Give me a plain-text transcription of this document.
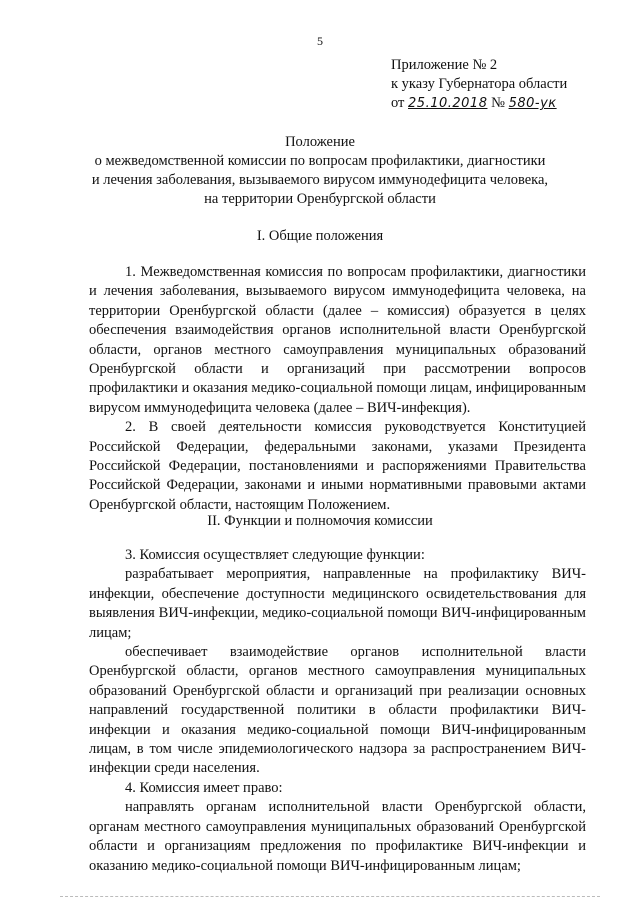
5
Приложение № 2
к указу Губернатора области
от 25.10.2018 № 580-ук
Положение
о межведомственной комиссии по вопросам профилактики, диагностики
и лечения заболевания, вызываемого вирусом иммунодефицита человека,
на территории Оренбургской области
I. Общие положения

1. Межведомственная комиссия по вопросам профилактики, диагностики и лечения заболевания, вызываемого вирусом иммунодефицита человека, на территории Оренбургской области (далее – комиссия) образуется в целях обеспечения взаимодействия органов исполнительной власти Оренбургской области, органов местного самоуправления муниципальных образований Оренбургской области и организаций при рассмотрении вопросов профилактики и оказания медико-социальной помощи лицам, инфицированным вирусом иммунодефицита человека (далее – ВИЧ-инфекция).

2. В своей деятельности комиссия руководствуется Конституцией Российской Федерации, федеральными законами, указами Президента Российской Федерации, постановлениями и распоряжениями Правительства Российской Федерации, законами и иными нормативными правовыми актами Оренбургской области, настоящим Положением.

II. Функции и полномочия комиссии

3. Комиссия осуществляет следующие функции:

разрабатывает мероприятия, направленные на профилактику ВИЧ-инфекции, обеспечение доступности медицинского освидетельствования для выявления ВИЧ-инфекции, медико-социальной помощи ВИЧ-инфицированным лицам;

обеспечивает взаимодействие органов исполнительной власти Оренбургской области, органов местного самоуправления муниципальных образований Оренбургской области и организаций при реализации основных направлений государственной политики в области профилактики ВИЧ-инфекции и оказания медико-социальной помощи ВИЧ-инфицированным лицам, в том числе эпидемиологического надзора за распространением ВИЧ-инфекции среди населения.

4. Комиссия имеет право:

направлять органам исполнительной власти Оренбургской области, органам местного самоуправления муниципальных образований Оренбургской области и организациям предложения по профилактике ВИЧ-инфекции и оказанию медико-социальной помощи ВИЧ-инфицированным лицам;
